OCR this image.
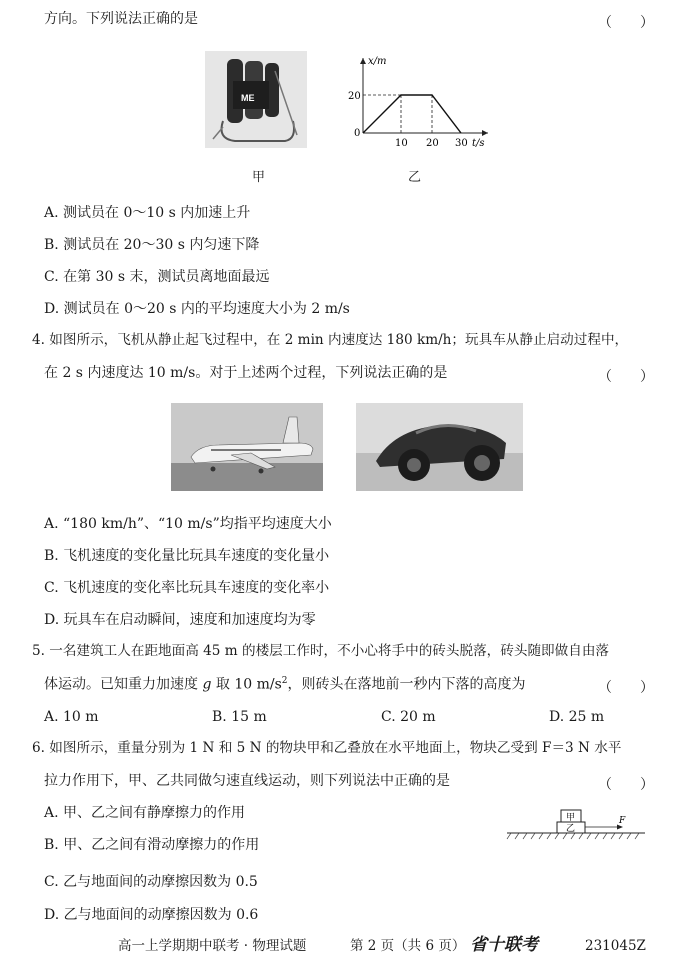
方向。下列说法正确的是	（　　）
ME
甲
x/m
20
0
10 20 30 t/s
乙
A. 测试员在 0～10 s 内加速上升
B. 测试员在 20～30 s 内匀速下降
C. 在第 30 s 末，测试员离地面最远
D. 测试员在 0～20 s 内的平均速度大小为 2 m/s
4. 如图所示，飞机从静止起飞过程中，在 2 min 内速度达 180 km/h；玩具车从静止启动过程中，
在 2 s 内速度达 10 m/s。对于上述两个过程，下列说法正确的是	（　　）
A. “180 km/h”、“10 m/s”均指平均速度大小
B. 飞机速度的变化量比玩具车速度的变化量小
C. 飞机速度的变化率比玩具车速度的变化率小
D. 玩具车在启动瞬间，速度和加速度均为零
5. 一名建筑工人在距地面高 45 m 的楼层工作时，不小心将手中的砖头脱落，砖头随即做自由落
体运动。已知重力加速度 g 取 10 $m/s^2$，则砖头在落地前一秒内下落的高度为	（　　）
A. 10 m	B. 15 m	C. 20 m	D. 25 m
6. 如图所示，重量分别为 1 N 和 5 N 的物块甲和乙叠放在水平地面上，物块乙受到 F＝3 N 水平
拉力作用下，甲、乙共同做匀速直线运动，则下列说法中正确的是	（　　）
A. 甲、乙之间有静摩擦力的作用
B. 甲、乙之间有滑动摩擦力的作用
C. 乙与地面间的动摩擦因数为 0.5
D. 乙与地面间的动摩擦因数为 0.6
甲
乙
F
高一上学期期中联考 · 物理试题	第 2 页（共 6 页） 省十联考	231045Z
